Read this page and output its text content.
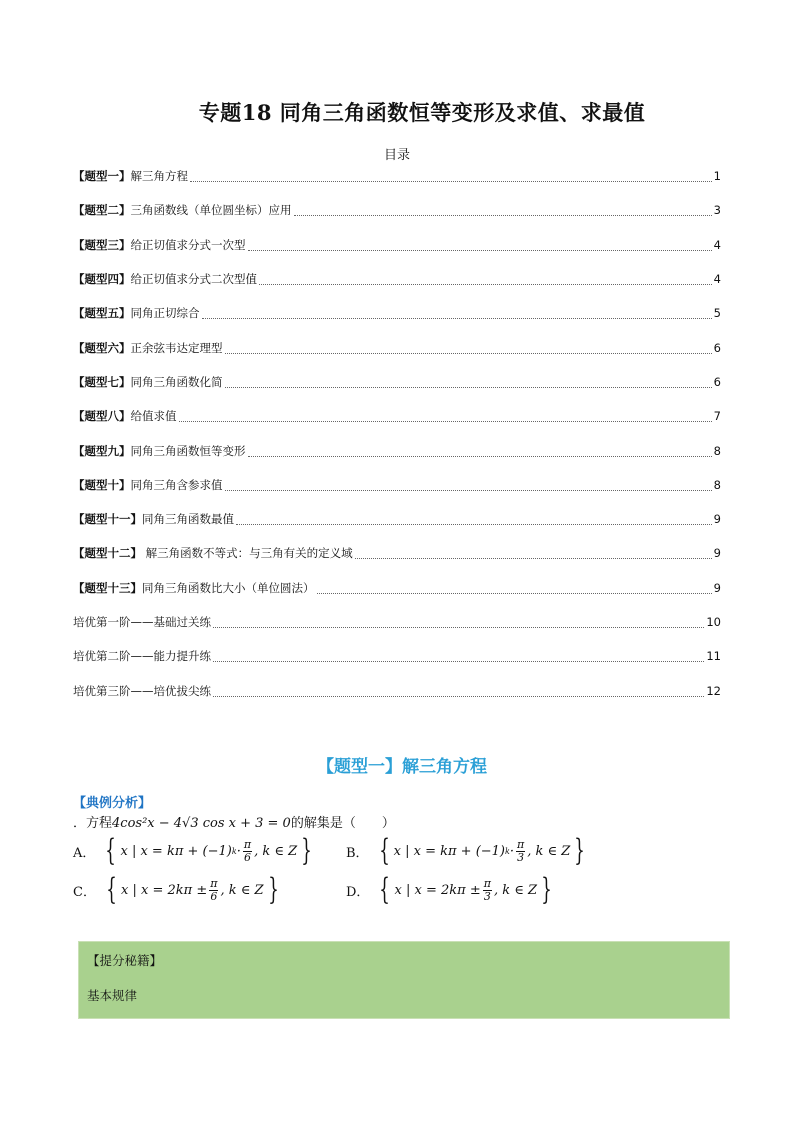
专题18 同角三角函数恒等变形及求值、求最值
目录
【题型一】解三角方程	1
【题型二】三角函数线（单位圆坐标）应用	3
【题型三】给正切值求分式一次型	4
【题型四】给正切值求分式二次型值	4
【题型五】同角正切综合	5
【题型六】正余弦韦达定理型	6
【题型七】同角三角函数化简	6
【题型八】给值求值	7
【题型九】同角三角函数恒等变形	8
【题型十】同角三角含参求值	8
【题型十一】同角三角函数最值	9
【题型十二】 解三角函数不等式：与三角有关的定义域	9
【题型十三】同角三角函数比大小（单位圆法）	9
培优第一阶——基础过关练	10
培优第二阶——能力提升练	11
培优第三阶——培优拔尖练	12
【题型一】解三角方程
【典例分析】
．方程4cos²x − 4√3 cos x + 3 = 0的解集是（　　）
A． { x | x = kπ + (−1) $k \cdot \frac{\pi}{6}$ , k ∈ Z }	B． { x | x = kπ + (−1) $k \cdot \frac{\pi}{3}$ , k ∈ Z }
C． { x | $x = 2k\pi \pm \frac{\pi}{6}$ , k ∈ Z }	D． { x | $x = 2k\pi \pm \frac{\pi}{3}$ , k ∈ Z }
【提分秘籍】
基本规律
